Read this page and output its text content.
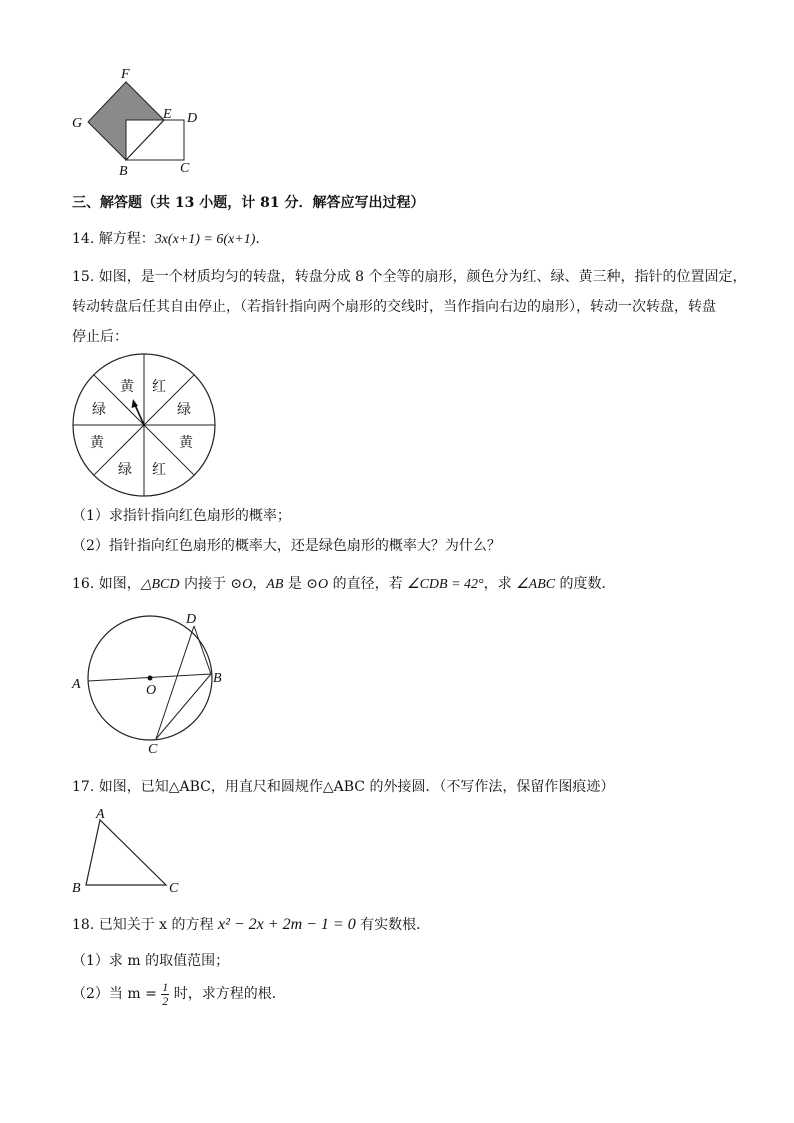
F
G
E D
B	C
三、解答题（共 13 小题，计 81 分．解答应写出过程）
14. 解方程：3x(x+1) = 6(x+1).
15. 如图，是一个材质均匀的转盘，转盘分成 8 个全等的扇形，颜色分为红、绿、黄三种，指针的位置固定，
转动转盘后任其自由停止，（若指针指向两个扇形的交线时，当作指向右边的扇形），转动一次转盘，转盘
停止后：
黄 红
绿
绿
黄	黄
绿 红
（1）求指针指向红色扇形的概率；
（2）指针指向红色扇形的概率大，还是绿色扇形的概率大？为什么？
16. 如图，△BCD 内接于 ⊙O，AB 是 ⊙O 的直径，若 ∠CDB = 42°，求 ∠ABC 的度数．
D
A	O
B
C
17. 如图，已知△ABC，用直尺和圆规作△ABC 的外接圆．（不写作法，保留作图痕迹）
A
B	C
18. 已知关于 x 的方程 x² − 2x + 2m − 1 = 0 有实数根．
（1）求 m 的取值范围；
（2）当 $m = \frac{1}{2}$ 时，求方程的根．
